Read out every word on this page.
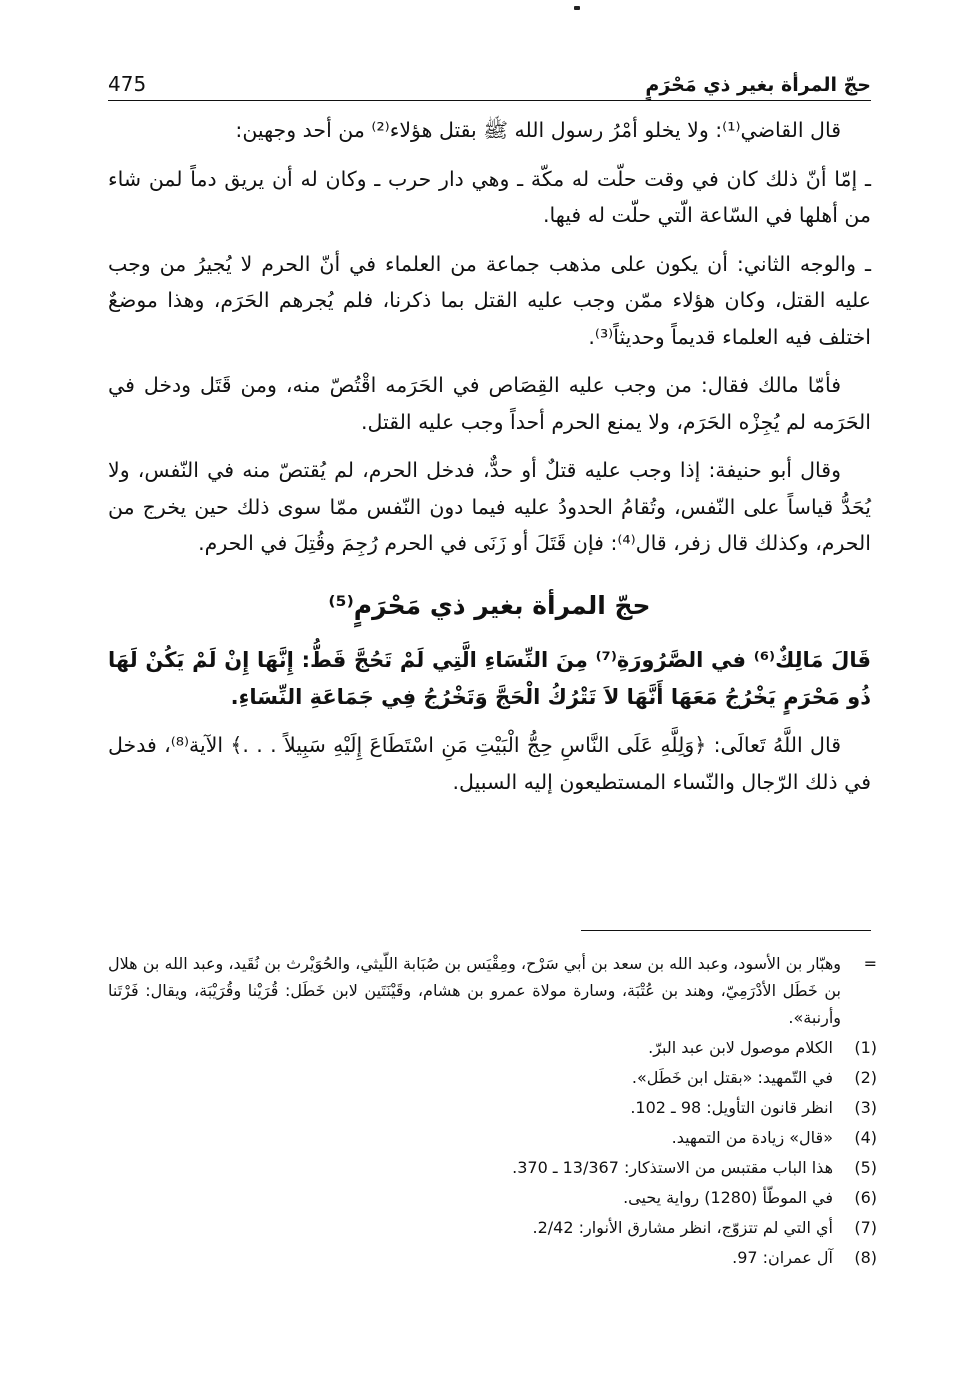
475	حجّ المرأة بغير ذي مَحْرَمٍ

قال القاضي⁽¹⁾: ولا يخلو أمْرُ رسول الله ﷺ بقتل هؤلاء⁽²⁾ من أحد وجهين:

ـ إمّا أنّ ذلك كان في وقت حلّت له مكّة ـ وهي دار حرب ـ وكان له أن يريق دماً لمن شاء من أهلها في السّاعة الّتي حلّت له فيها.

ـ والوجه الثاني: أن يكون على مذهب جماعة من العلماء في أنّ الحرم لا يُجيرُ من وجب عليه القتل، وكان هؤلاء ممّن وجب عليه القتل بما ذكرنا، فلم يُجرهم الحَرَم، وهذا موضعٌ اختلف فيه العلماء قديماً وحديثاً⁽³⁾.

فأمّا مالك فقال: من وجب عليه القِصَاص في الحَرَمه اقْتُصّ منه، ومن قَتَل ودخل في الحَرَمه لم يُجِزْه الحَرَم، ولا يمنع الحرم أحداً وجب عليه القتل.

وقال أبو حنيفة: إذا وجب عليه قتلٌ أو حدٌّ، فدخل الحرم، لم يُقتصّ منه في النّفس، ولا يُحَدُّ قياساً على النّفس، وتُقامُ الحدودُ عليه فيما دون النّفس ممّا سوى ذلك حين يخرج من الحرم، وكذلك قال زفر، قال⁽⁴⁾: فإن قَتَلَ أو زَنَى في الحرم رُجِمَ وقُتِلَ في الحرم.

حجّ المرأة بغير ذي مَحْرَمٍ⁽⁵⁾

قَالَ مَالِكٌ⁽⁶⁾ في الصَّرُورَةِ⁽⁷⁾ مِنَ النِّسَاءِ الَّتِي لَمْ تَحُجَّ قَطُّ: إِنَّهَا إِنْ لَمْ يَكُنْ لَهَا ذُو مَحْرَمٍ يَخْرُجُ مَعَهَا أَنَّهَا لاَ تَتْرُكُ الْحَجَّ وَتَخْرُجُ فِي جَمَاعَةِ النِّسَاءِ.

قال اللَّهُ تَعالَى: ﴿وَلِلَّهِ عَلَى النَّاسِ حِجُّ الْبَيْتِ مَنِ اسْتَطَاعَ إِلَيْهِ سَبِيلاً . . .﴾ الآية⁽⁸⁾، فدخل في ذلك الرّجال والنّساء المستطيعون إليه السبيل.

=
وهبّار بن الأسود، وعبد الله بن سعد بن أبي سَرْح، ومِقْيَس بن صُبَابة اللّيثي، والحُوَيْرث بن نُقَيد، وعبد الله بن هلال بن خَطَل الأدْرَمِيّ، وهند بن عُتْبَة، وسارة مولاة عمرو بن هشام، وقَيْنَتَين لابن خَطَل: قُرَيْنا وقُرَيْبَة، ويقال: فَرْتَنا وأرنبة».
(1)
الكلام موصول لابن عبد البرّ.
(2)
في التّمهيد: «بقتل ابن خَطَل».
(3)
انظر قانون التأويل: 98 ـ 102.
(4)
«قال» زيادة من التمهيد.
(5)
هذا الباب مقتبس من الاستذكار: 13/367 ـ 370.
(6)
في الموطّأ (1280) رواية يحيى.
(7)
أي التي لم تتزوّج، انظر مشارق الأنوار: 2/42.
(8)
آل عمران: 97.
